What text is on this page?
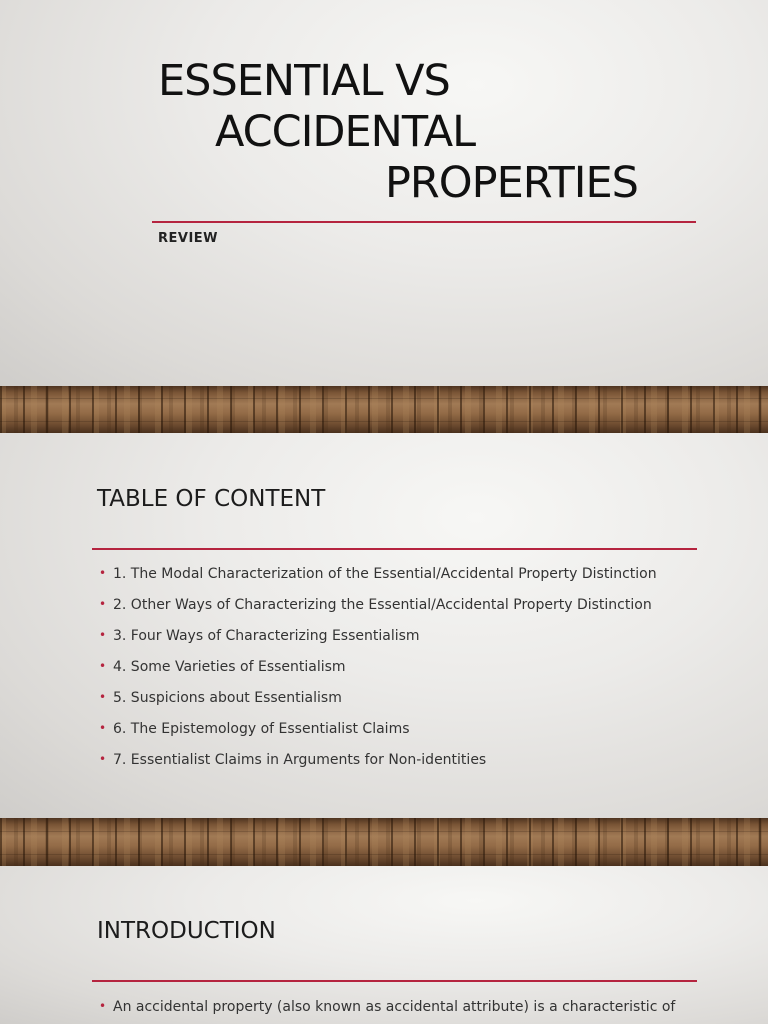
ESSENTIAL VS
ACCIDENTAL
PROPERTIES
REVIEW
TABLE OF CONTENT
• 1. The Modal Characterization of the Essential/Accidental Property Distinction
• 2. Other Ways of Characterizing the Essential/Accidental Property Distinction
• 3. Four Ways of Characterizing Essentialism
• 4. Some Varieties of Essentialism
• 5. Suspicions about Essentialism
• 6. The Epistemology of Essentialist Claims
• 7. Essentialist Claims in Arguments for Non-identities
INTRODUCTION
• An accidental property (also known as accidental attribute) is a characteristic of
